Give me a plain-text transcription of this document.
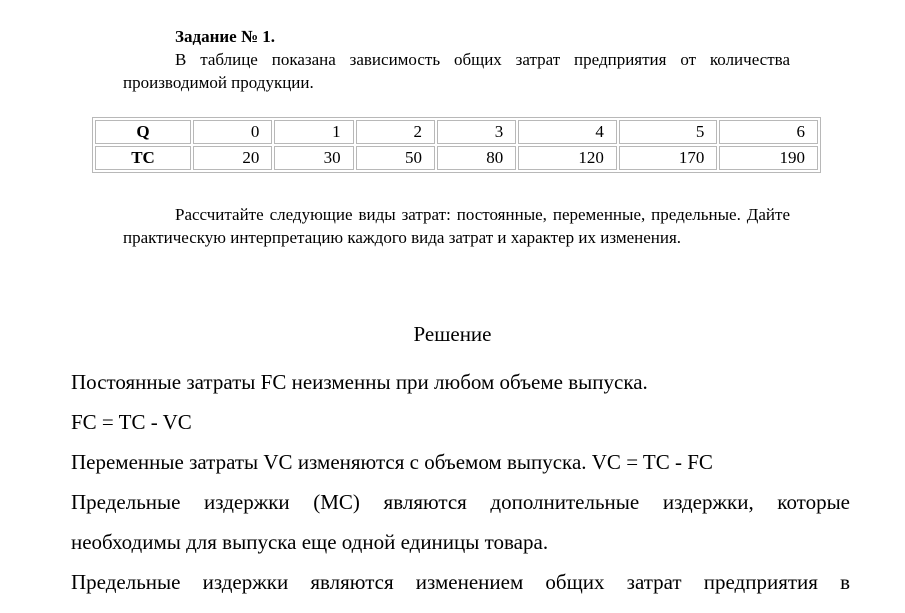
Задание № 1.

В таблице показана зависимость общих затрат предприятия от количества производимой продукции.

Q	0	1	2	3	4	5	6
TC	20	30	50	80	120	170	190

Рассчитайте следующие виды затрат: постоянные, переменные, предельные. Дайте практическую интерпретацию каждого вида затрат и характер их изменения.

Решение

Постоянные затраты FC неизменны при любом объеме выпуска.

FC = TC - VC

Переменные затраты VC изменяются с объемом выпуска. VC = TC - FC

Предельные издержки (MC) являются дополнительные издержки, которые необходимы для выпуска еще одной единицы товара.

Предельные издержки являются изменением общих затрат предприятия в
